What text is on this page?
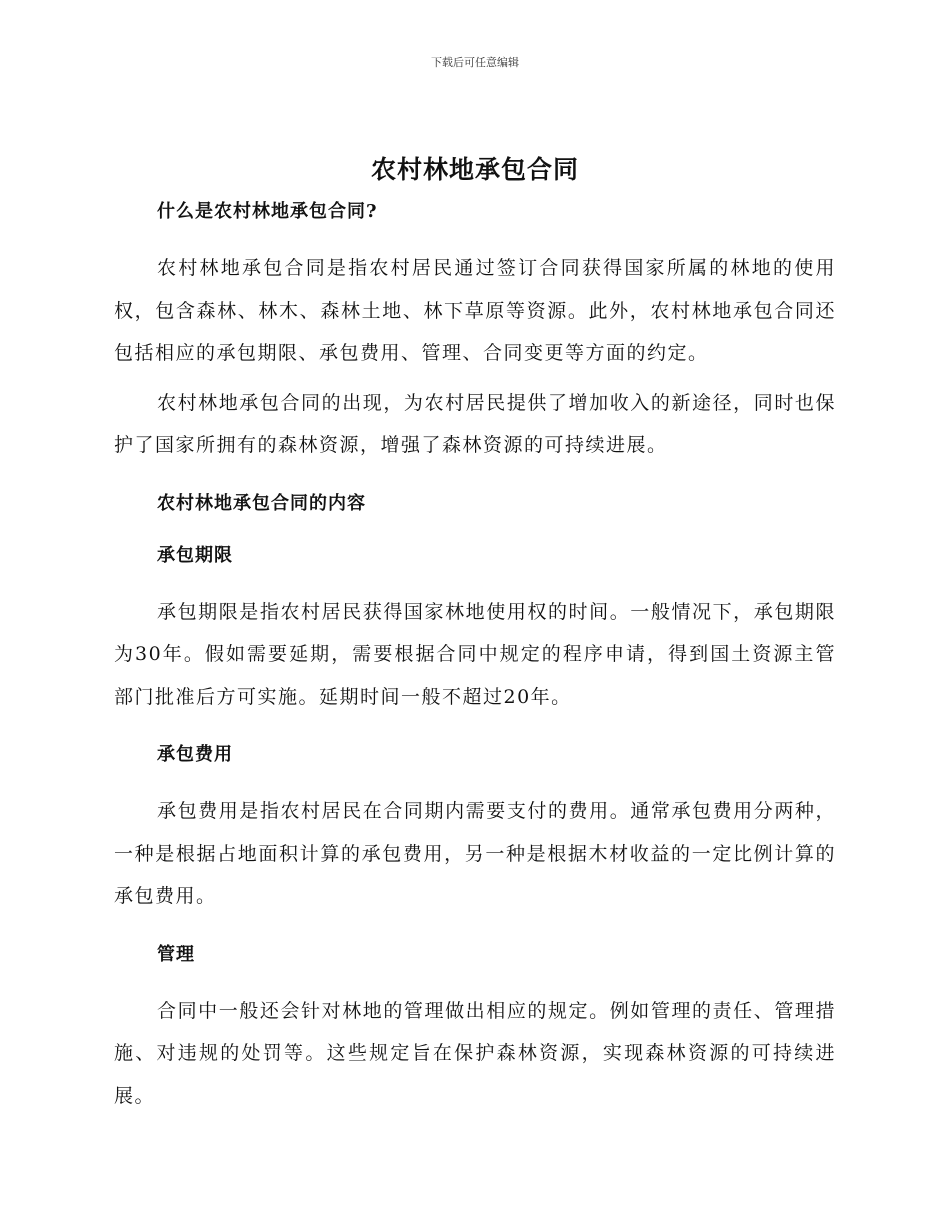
下载后可任意编辑
农村林地承包合同

什么是农村林地承包合同?

农村林地承包合同是指农村居民通过签订合同获得国家所属的林地的使用权，包含森林、林木、森林土地、林下草原等资源。此外，农村林地承包合同还包括相应的承包期限、承包费用、管理、合同变更等方面的约定。

农村林地承包合同的出现，为农村居民提供了增加收入的新途径，同时也保护了国家所拥有的森林资源，增强了森林资源的可持续进展。

农村林地承包合同的内容

承包期限

承包期限是指农村居民获得国家林地使用权的时间。一般情况下，承包期限为30年。假如需要延期，需要根据合同中规定的程序申请，得到国土资源主管部门批准后方可实施。延期时间一般不超过20年。

承包费用

承包费用是指农村居民在合同期内需要支付的费用。通常承包费用分两种，一种是根据占地面积计算的承包费用，另一种是根据木材收益的一定比例计算的承包费用。

管理

合同中一般还会针对林地的管理做出相应的规定。例如管理的责任、管理措施、对违规的处罚等。这些规定旨在保护森林资源，实现森林资源的可持续进展。
